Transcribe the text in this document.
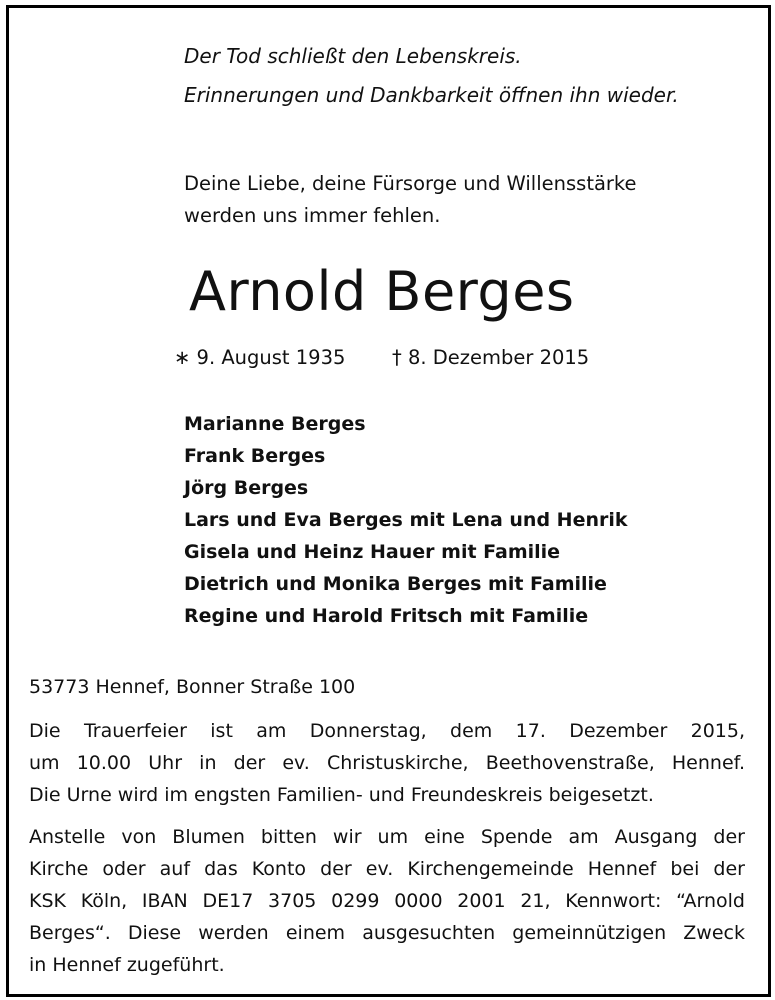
Der Tod schließt den Lebenskreis.
Erinnerungen und Dankbarkeit öffnen ihn wieder.
Deine Liebe, deine Fürsorge und Willensstärke
werden uns immer fehlen.
Arnold Berges
∗ 9. August 1935 † 8. Dezember 2015
Marianne Berges
Frank Berges
Jörg Berges
Lars und Eva Berges mit Lena und Henrik
Gisela und Heinz Hauer mit Familie
Dietrich und Monika Berges mit Familie
Regine und Harold Fritsch mit Familie
53773 Hennef, Bonner Straße 100
Die Trauerfeier ist am Donnerstag, dem 17. Dezember 2015,
um 10.00 Uhr in der ev. Christuskirche, Beethovenstraße, Hennef.
Die Urne wird im engsten Familien- und Freundeskreis beigesetzt.
Anstelle von Blumen bitten wir um eine Spende am Ausgang der
Kirche oder auf das Konto der ev. Kirchengemeinde Hennef bei der
KSK Köln, IBAN DE17 3705 0299 0000 2001 21, Kennwort: “Arnold
Berges“. Diese werden einem ausgesuchten gemeinnützigen Zweck
in Hennef zugeführt.
